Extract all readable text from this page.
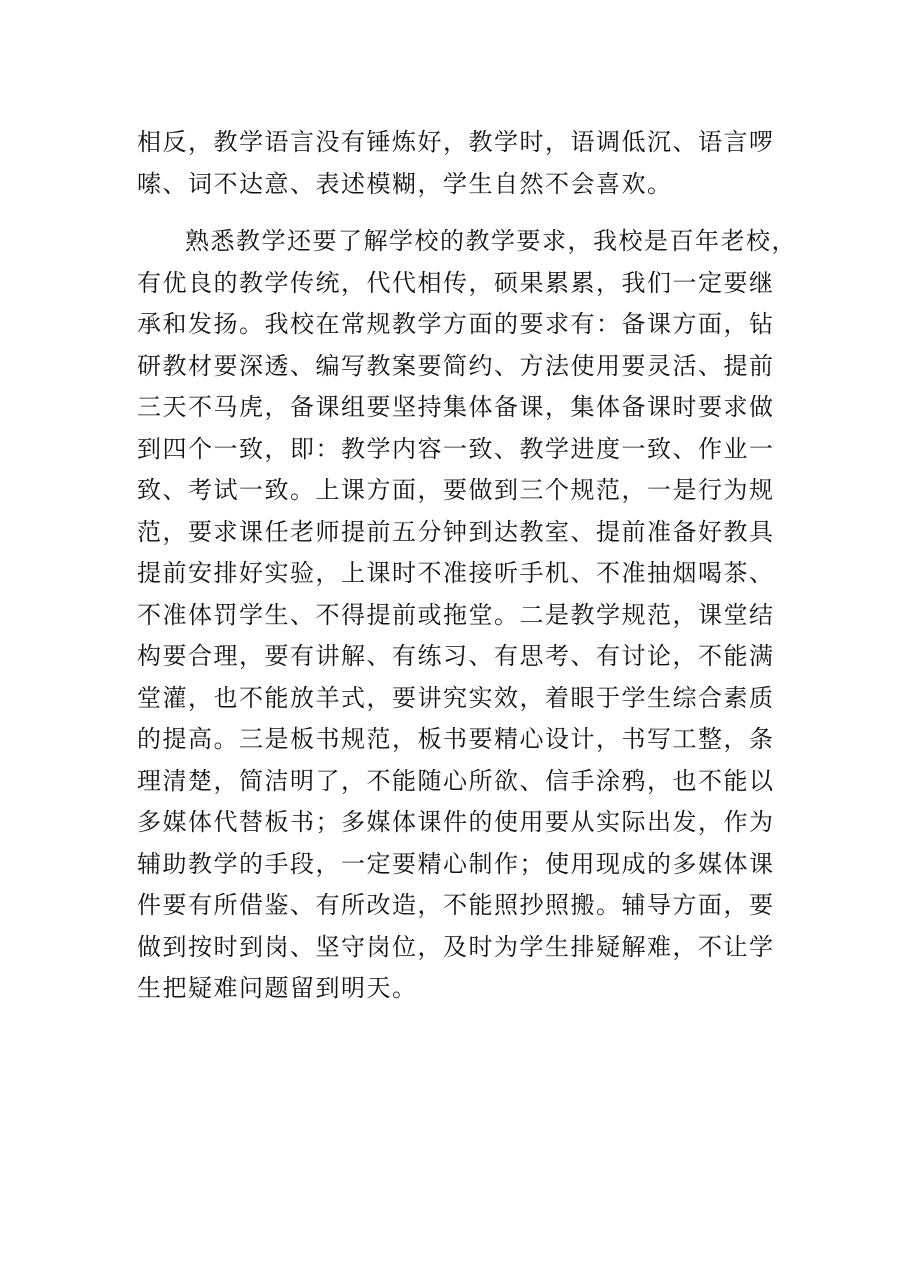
相反，教学语言没有锤炼好，教学时，语调低沉、语言啰
嗦、词不达意、表述模糊，学生自然不会喜欢。

熟悉教学还要了解学校的教学要求，我校是百年老校，
有优良的教学传统，代代相传，硕果累累，我们一定要继
承和发扬。我校在常规教学方面的要求有：备课方面，钻
研教材要深透、编写教案要简约、方法使用要灵活、提前
三天不马虎，备课组要坚持集体备课，集体备课时要求做
到四个一致，即：教学内容一致、教学进度一致、作业一
致、考试一致。上课方面，要做到三个规范，一是行为规
范，要求课任老师提前五分钟到达教室、提前准备好教具
提前安排好实验，上课时不准接听手机、不准抽烟喝茶、
不准体罚学生、不得提前或拖堂。二是教学规范，课堂结
构要合理，要有讲解、有练习、有思考、有讨论，不能满
堂灌，也不能放羊式，要讲究实效，着眼于学生综合素质
的提高。三是板书规范，板书要精心设计，书写工整，条
理清楚，简洁明了，不能随心所欲、信手涂鸦，也不能以
多媒体代替板书；多媒体课件的使用要从实际出发，作为
辅助教学的手段，一定要精心制作；使用现成的多媒体课
件要有所借鉴、有所改造，不能照抄照搬。辅导方面，要
做到按时到岗、坚守岗位，及时为学生排疑解难，不让学
生把疑难问题留到明天。
